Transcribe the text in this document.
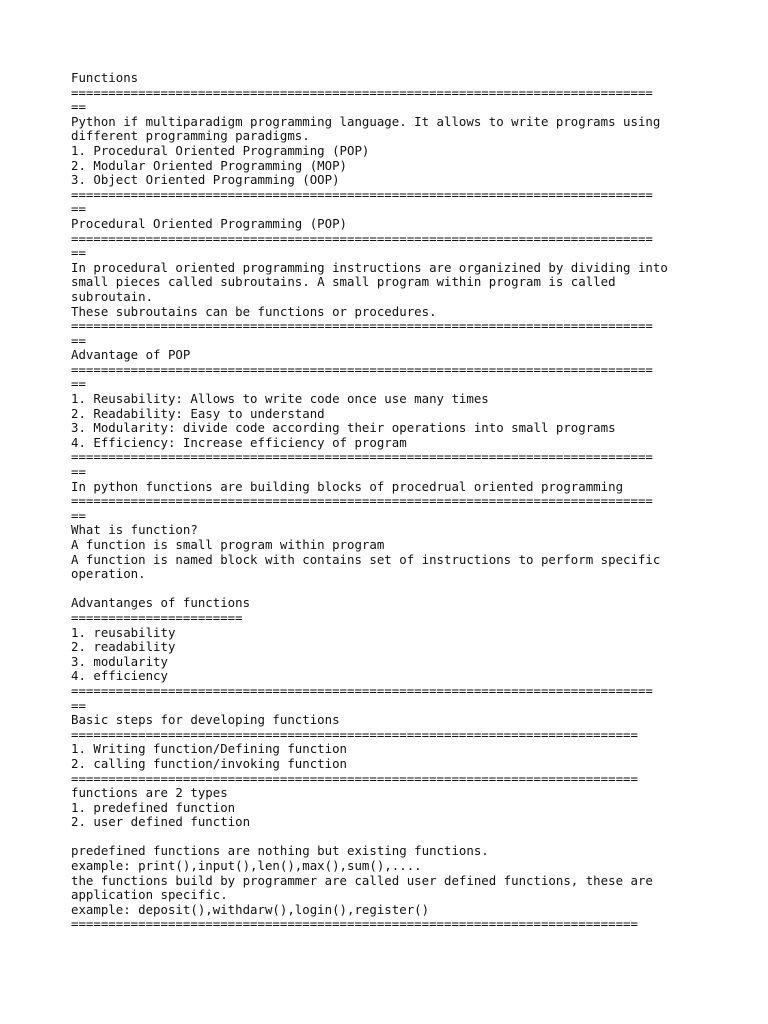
Functions
==============================================================================
==
Python if multiparadigm programming language. It allows to write programs using
different programming paradigms.
1. Procedural Oriented Programming (POP)
2. Modular Oriented Programming (MOP)
3. Object Oriented Programming (OOP)
==============================================================================
==
Procedural Oriented Programming (POP)
==============================================================================
==
In procedural oriented programming instructions are organizined by dividing into
small pieces called subroutains. A small program within program is called
subroutain.
These subroutains can be functions or procedures.
==============================================================================
==
Advantage of POP
==============================================================================
==
1. Reusability: Allows to write code once use many times
2. Readability: Easy to understand
3. Modularity: divide code according their operations into small programs
4. Efficiency: Increase efficiency of program
==============================================================================
==
In python functions are building blocks of procedrual oriented programming
==============================================================================
==
What is function?
A function is small program within program
A function is named block with contains set of instructions to perform specific
operation.
Advantanges of functions
=======================
1. reusability
2. readability
3. modularity
4. efficiency
==============================================================================
==
Basic steps for developing functions
============================================================================
1. Writing function/Defining function
2. calling function/invoking function
============================================================================
functions are 2 types
1. predefined function
2. user defined function
predefined functions are nothing but existing functions.
example: print(),input(),len(),max(),sum(),....
the functions build by programmer are called user defined functions, these are
application specific.
example: deposit(),withdarw(),login(),register()
============================================================================
